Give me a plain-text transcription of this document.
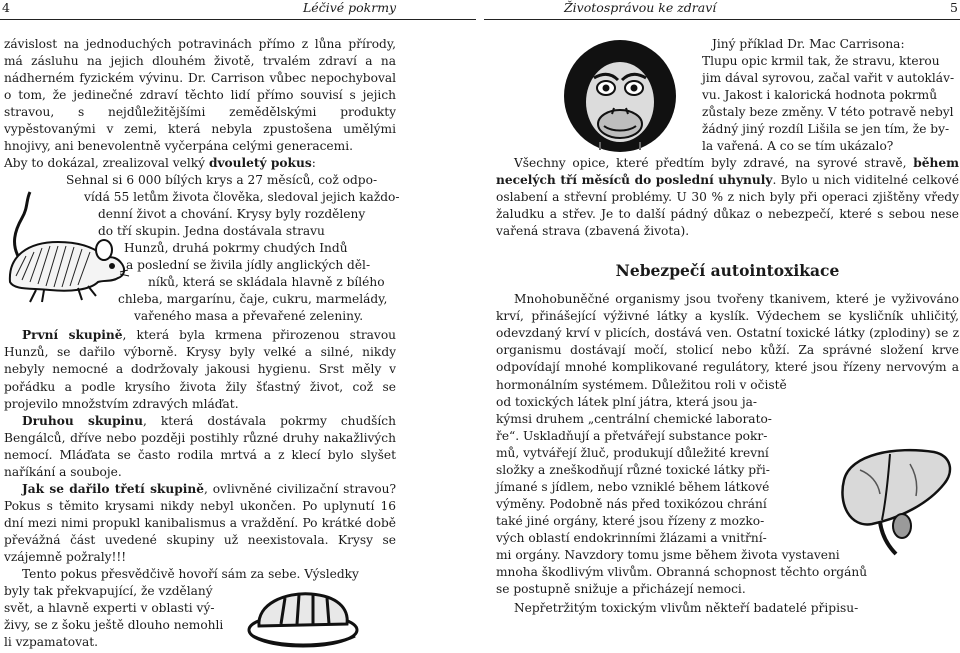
4	Léčivé pokrmy

závislost na jednoduchých potravinách přímo z lůna přírody, má zásluhu na jejich dlouhém životě, trvalém zdraví a na nádherném fyzickém vývinu. Dr. Carrison vůbec nepochyboval o tom, že jedinečné zdraví těchto lidí přímo souvisí s jejich stravou, s nejdůležitějšími zemědělskými produkty vypěstovanými v zemi, která nebyla zpustošena umělými hnojivy, ani benevolentně vyčerpána celými generacemi.

Aby to dokázal, zrealizoval velký dvouletý pokus:

Sehnal si 6 000 bílých krys a 27 měsíců, což odpo-
vídá 55 letům života člověka, sledoval jejich každo-
denní život a chování. Krysy byly rozděleny
do tří skupin. Jedna dostávala stravu
Hunzů, druhá pokrmy chudých Indů
a poslední se živila jídly anglických děl-
níků, která se skládala hlavně z bílého
chleba, margarínu, čaje, cukru, marmelády,
vařeného masa a převařené zeleniny.

První skupině, která byla krmena přirozenou stravou Hunzů, se dařilo výborně. Krysy byly velké a silné, nikdy nebyly nemocné a dodržovaly jakousi hygienu. Srst měly v pořádku a podle krysího života žily šťastný život, což se projevilo množstvím zdravých mláďat.

Druhou skupinu, která dostávala pokrmy chudších Bengálců, dříve nebo později postihly různé druhy nakažlivých nemocí. Mláďata se často rodila mrtvá a z klecí bylo slyšet naříkání a souboje.

Jak se dařilo třetí skupině, ovlivněné civilizační stravou? Pokus s těmito krysami nikdy nebyl ukončen. Po uplynutí 16 dní mezi nimi propukl kanibalismus a vraždění. Po krátké době převážná část uvedené skupiny už neexistovala. Krysy se vzájemně požraly!!!

Tento pokus přesvědčivě hovoří sám za sebe. Výsledky
byly tak překvapující, že vzdělaný
svět, a hlavně experti v oblasti vý-
živy, se z šoku ještě dlouho nemohli
li vzpamatovat.
Životosprávou ke zdraví	5
Jiný příklad Dr. Mac Carrisona:
Tlupu opic krmil tak, že stravu, kterou
jim dával syrovou, začal vařit v autokláv-
vu. Jakost i kalorická hodnota pokrmů
zůstaly beze změny. V této potravě nebyl
žádný jiný rozdíl Lišila se jen tím, že by-
la vařená. A co se tím ukázalo?

Všechny opice, které předtím byly zdravé, na syrové stravě, během necelých tří měsíců do poslední uhynuly. Bylo u nich viditelné celkové oslabení a střevní problémy. U 30 % z nich byly při operaci zjištěny vředy žaludku a střev. Je to další pádný důkaz o nebezpečí, které s sebou nese vařená strava (zbavená života).

Nebezpečí autointoxikace

Mnohobuněčné organismy jsou tvořeny tkanivem, které je vyživováno krví, přinášející výživné látky a kyslík. Výdechem se kysličník uhličitý, odevzdaný krví v plicích, dostává ven. Ostatní toxické látky (zplodiny) se z organismu dostávají močí, stolicí nebo kůží. Za správné složení krve odpovídají mnohé komplikované regulátory, které jsou řízeny nervovým a hormonálním systémem. Důležitou roli v očistě

od toxických látek plní játra, která jsou ja-
kýmsi druhem „centrální chemické laborato-
ře“. Uskladňují a přetvářejí substance pokr-
mů, vytvářejí žluč, produkují důležité krevní
složky a zneškodňují různé toxické látky při-
jímané s jídlem, nebo vzniklé během látkové
výměny. Podobně nás před toxikózou chrání
také jiné orgány, které jsou řízeny z mozko-
vých oblastí endokrinními žlázami a vnitřní-
mi orgány. Navzdory tomu jsme během života vystaveni
mnoha škodlivým vlivům. Obranná schopnost těchto orgánů
se postupně snižuje a přicházejí nemoci.

Nepřetržitým toxickým vlivům někteří badatelé připisu-
